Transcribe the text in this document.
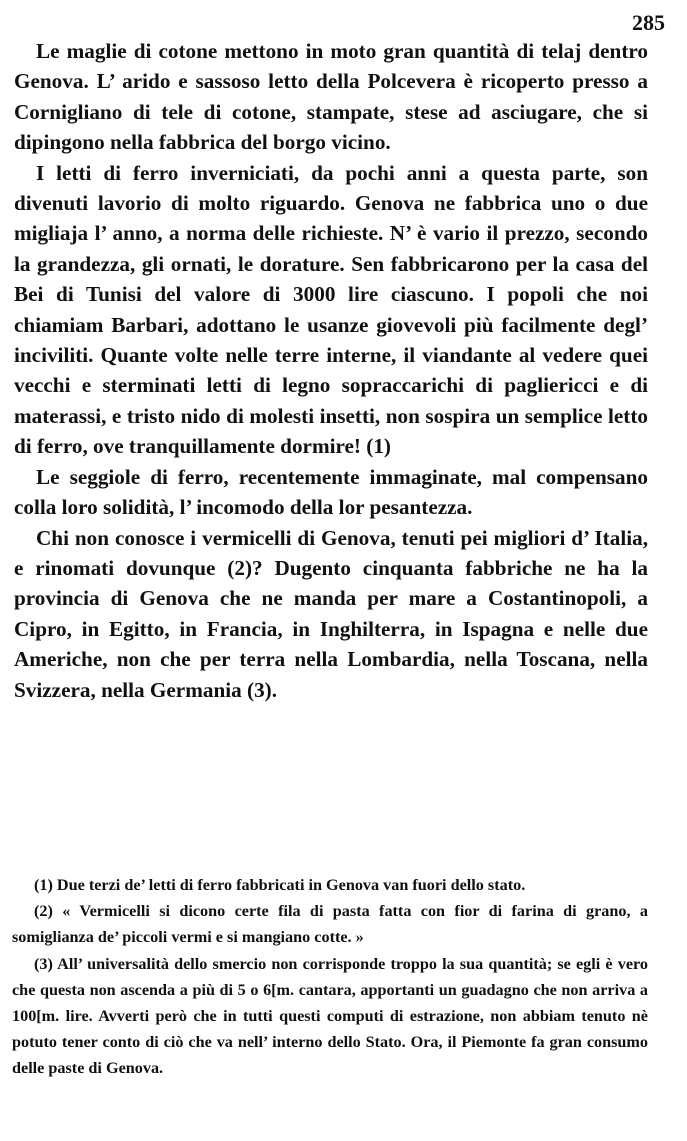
285

Le maglie di cotone mettono in moto gran quantità di telaj dentro Genova. L’ arido e sassoso letto della Polcevera è ricoperto presso a Cornigliano di tele di cotone, stampate, stese ad asciugare, che si dipingono nella fabbrica del borgo vicino.

I letti di ferro inverniciati, da pochi anni a questa parte, son divenuti lavorio di molto riguardo. Genova ne fabbrica uno o due migliaja l’ anno, a norma delle richieste. N’ è vario il prezzo, secondo la grandezza, gli ornati, le dorature. Sen fabbricarono per la casa del Bei di Tunisi del valore di 3000 lire ciascuno. I popoli che noi chiamiam Barbari, adottano le usanze giovevoli più facilmente degl’ inciviliti. Quante volte nelle terre interne, il viandante al vedere quei vecchi e sterminati letti di legno sopraccarichi di pagliericci e di materassi, e tristo nido di molesti insetti, non sospira un semplice letto di ferro, ove tranquillamente dormire! (1)

Le seggiole di ferro, recentemente immaginate, mal compensano colla loro solidità, l’ incomodo della lor pesantezza.

Chi non conosce i vermicelli di Genova, tenuti pei migliori d’ Italia, e rinomati dovunque (2)? Dugento cinquanta fabbriche ne ha la provincia di Genova che ne manda per mare a Costantinopoli, a Cipro, in Egitto, in Francia, in Inghilterra, in Ispagna e nelle due Americhe, non che per terra nella Lombardia, nella Toscana, nella Svizzera, nella Germania (3).

(1) Due terzi de’ letti di ferro fabbricati in Genova van fuori dello stato.

(2) « Vermicelli si dicono certe fila di pasta fatta con fior di farina di grano, a somiglianza de’ piccoli vermi e si mangiano cotte. »

(3) All’ universalità dello smercio non corrisponde troppo la sua quantità; se egli è vero che questa non ascenda a più di 5 o 6[m. cantara, apportanti un guadagno che non arriva a 100[m. lire. Avverti però che in tutti questi computi di estrazione, non abbiam tenuto nè potuto tener conto di ciò che va nell’ interno dello Stato. Ora, il Piemonte fa gran consumo delle paste di Genova.
